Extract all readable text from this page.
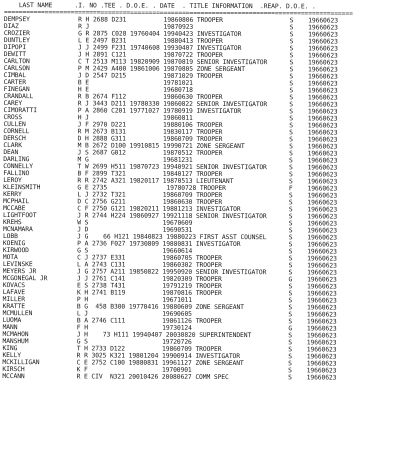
LAST NAME      .I. NO .TEE . D.O.E. . DATE  . TITLE INFORMATION  .REAP. D.O.E. .
==============================================================================================
DEMPSEY             R H 2688 D231          19860806 TROOPER                  S    19660623
DIAZ                R J                    19870923                          S    19660623
CROZIER             G R 2875 C028 19760404 19940423 INVESTIGATOR             S    19660623
DUNTLEY             L E 2497 B231          19880413 TROOPER                  S    19660623
DIPOPI              J J 2499 F231 19740608 19930407 INVESTIGATOR             S    19660623
DEWITT              J H 2891 C121          19870722 TROOPER                  S    19660623
CARLTON             C T 2513 M113 19820909 19870819 SENIOR INVESTIGATOR      S    19660623
CARLSON             P M 2429 A400 19861006 19870805 ZONE SERGEANT            S    19660623
CIMBAL              J D 2547 D215          19871029 TROOPER                  S    19660623
CARTER              B E                    19781021                          S    19660623
FINEGAN             H E                    19680718                          S    19660623
CRANDALL            R B 2674 F112          19860630 TROOPER                  S    19660623
CAREY               R J 3443 D211 19780330 19860822 SENIOR INVESTIGATOR      S    19660623
CIMORATTI           P A 2860 C201 19771027 19780919 INVESTIGATOR             S    19660623
CROSS               H J                    19860811                          S    19660623
CULLEN              J F 2970 D221          19880106 TROOPER                  S    19660623
CORNELL             R M 2673 B131          19830117 TROOPER                  S    19660623
DERSCH              D H 2888 G311          19860709 TROOPER                  S    19660623
CLARK               M B 2672 D100 19910815 19990721 ZONE SERGEANT            S    19660623
DEAN                J S 2687 G012          19870512 TROOPER                  S    19660623
DARLING             M G                    19681231                          S    19660623
CONNELLY            T W 2699 H511 19870723 19940921 SENIOR INVESTIGATOR      S    19660623
FALLINO             B F 2899 T321          19840127 TROOPER                  S    19660623
LEROY               R R 2742 A321 19820117 19870513 LIEUTENANT               S    19660623
KLEINSMITH          G E 2735                19780728 TROOPER                 F    19660623
KERRY               L J 2732 T321          19860709 TROOPER                  S    19660623
MCPHAIL             D C 2756 G211          19860630 TROOPER                  S    19660623
MCCABE              C F 2750 G121 19820211 19881213 INVESTIGATOR             S    19660623
LIGHTFOOT           J R 2744 H224 19860927 19921118 SENIOR INVESTIGATOR      S    19660623
KREHS               W S                    19670609                          S    19660623
MCNAMARA            J D                    19690531                          S    19660623
LOBB                J G    66 H121 19840823 19880223 FIRST ASST COUNSEL      S    19660623
KOENIG              P A 2736 F027 19730809 19880831 INVESTIGATOR             S    19660623
KIRWOOD             G S                    19660614                          S    19660623
MOTA                C J 2737 E331          19860705 TROOPER                  S    19660623
LEVINSKE            L A 2743 C131          19860302 TROOPER                  S    19660623
MEYERS JR           J G 2757 A211 19850822 19950920 SENIOR INVESTIGATOR      S    19660623
MCGONEGAL JR        J J 2761 C141          19820309 TROOPER                  G    19660623
KOVACS              E S 2738 T431          19791219 TROOPER                  S    19660623
LAFAVE              K H 2741 B119          19870816 TROOPER                  S    19660623
MILLER              P H                    19671011                          S    19660623
KRATTE              B G  458 B300 19770416 19880609 ZONE SERGEANT            S    19660623
MCMULLEN            L J                    19690605                          S    19660623
LUOMA               B A 2746 C111          19861126 TROOPER                  S    19660623
MANN                F H                    19730124                          G    19660623
MCMAHON             J H    73 H111 19940407 20030820 SUPERINTENDENT          S    19660623
MANSHUM             G S                    19720726                          S    19660623
KING                T H 2733 D122          19860709 TROOPER                  S    19660623
KELLY               R R 3025 K321 19801204 19900914 INVESTIGATOR             S    19660623
MCKILLIGAN          C E 2752 C100 19880831 19961127 ZONE SERGEANT            S    19660623
KIRSCH              K F                    19700901                          S    19660623
MCCANN              R E CIV  N321 20010426 20080627 COMM SPEC                S    19660623
